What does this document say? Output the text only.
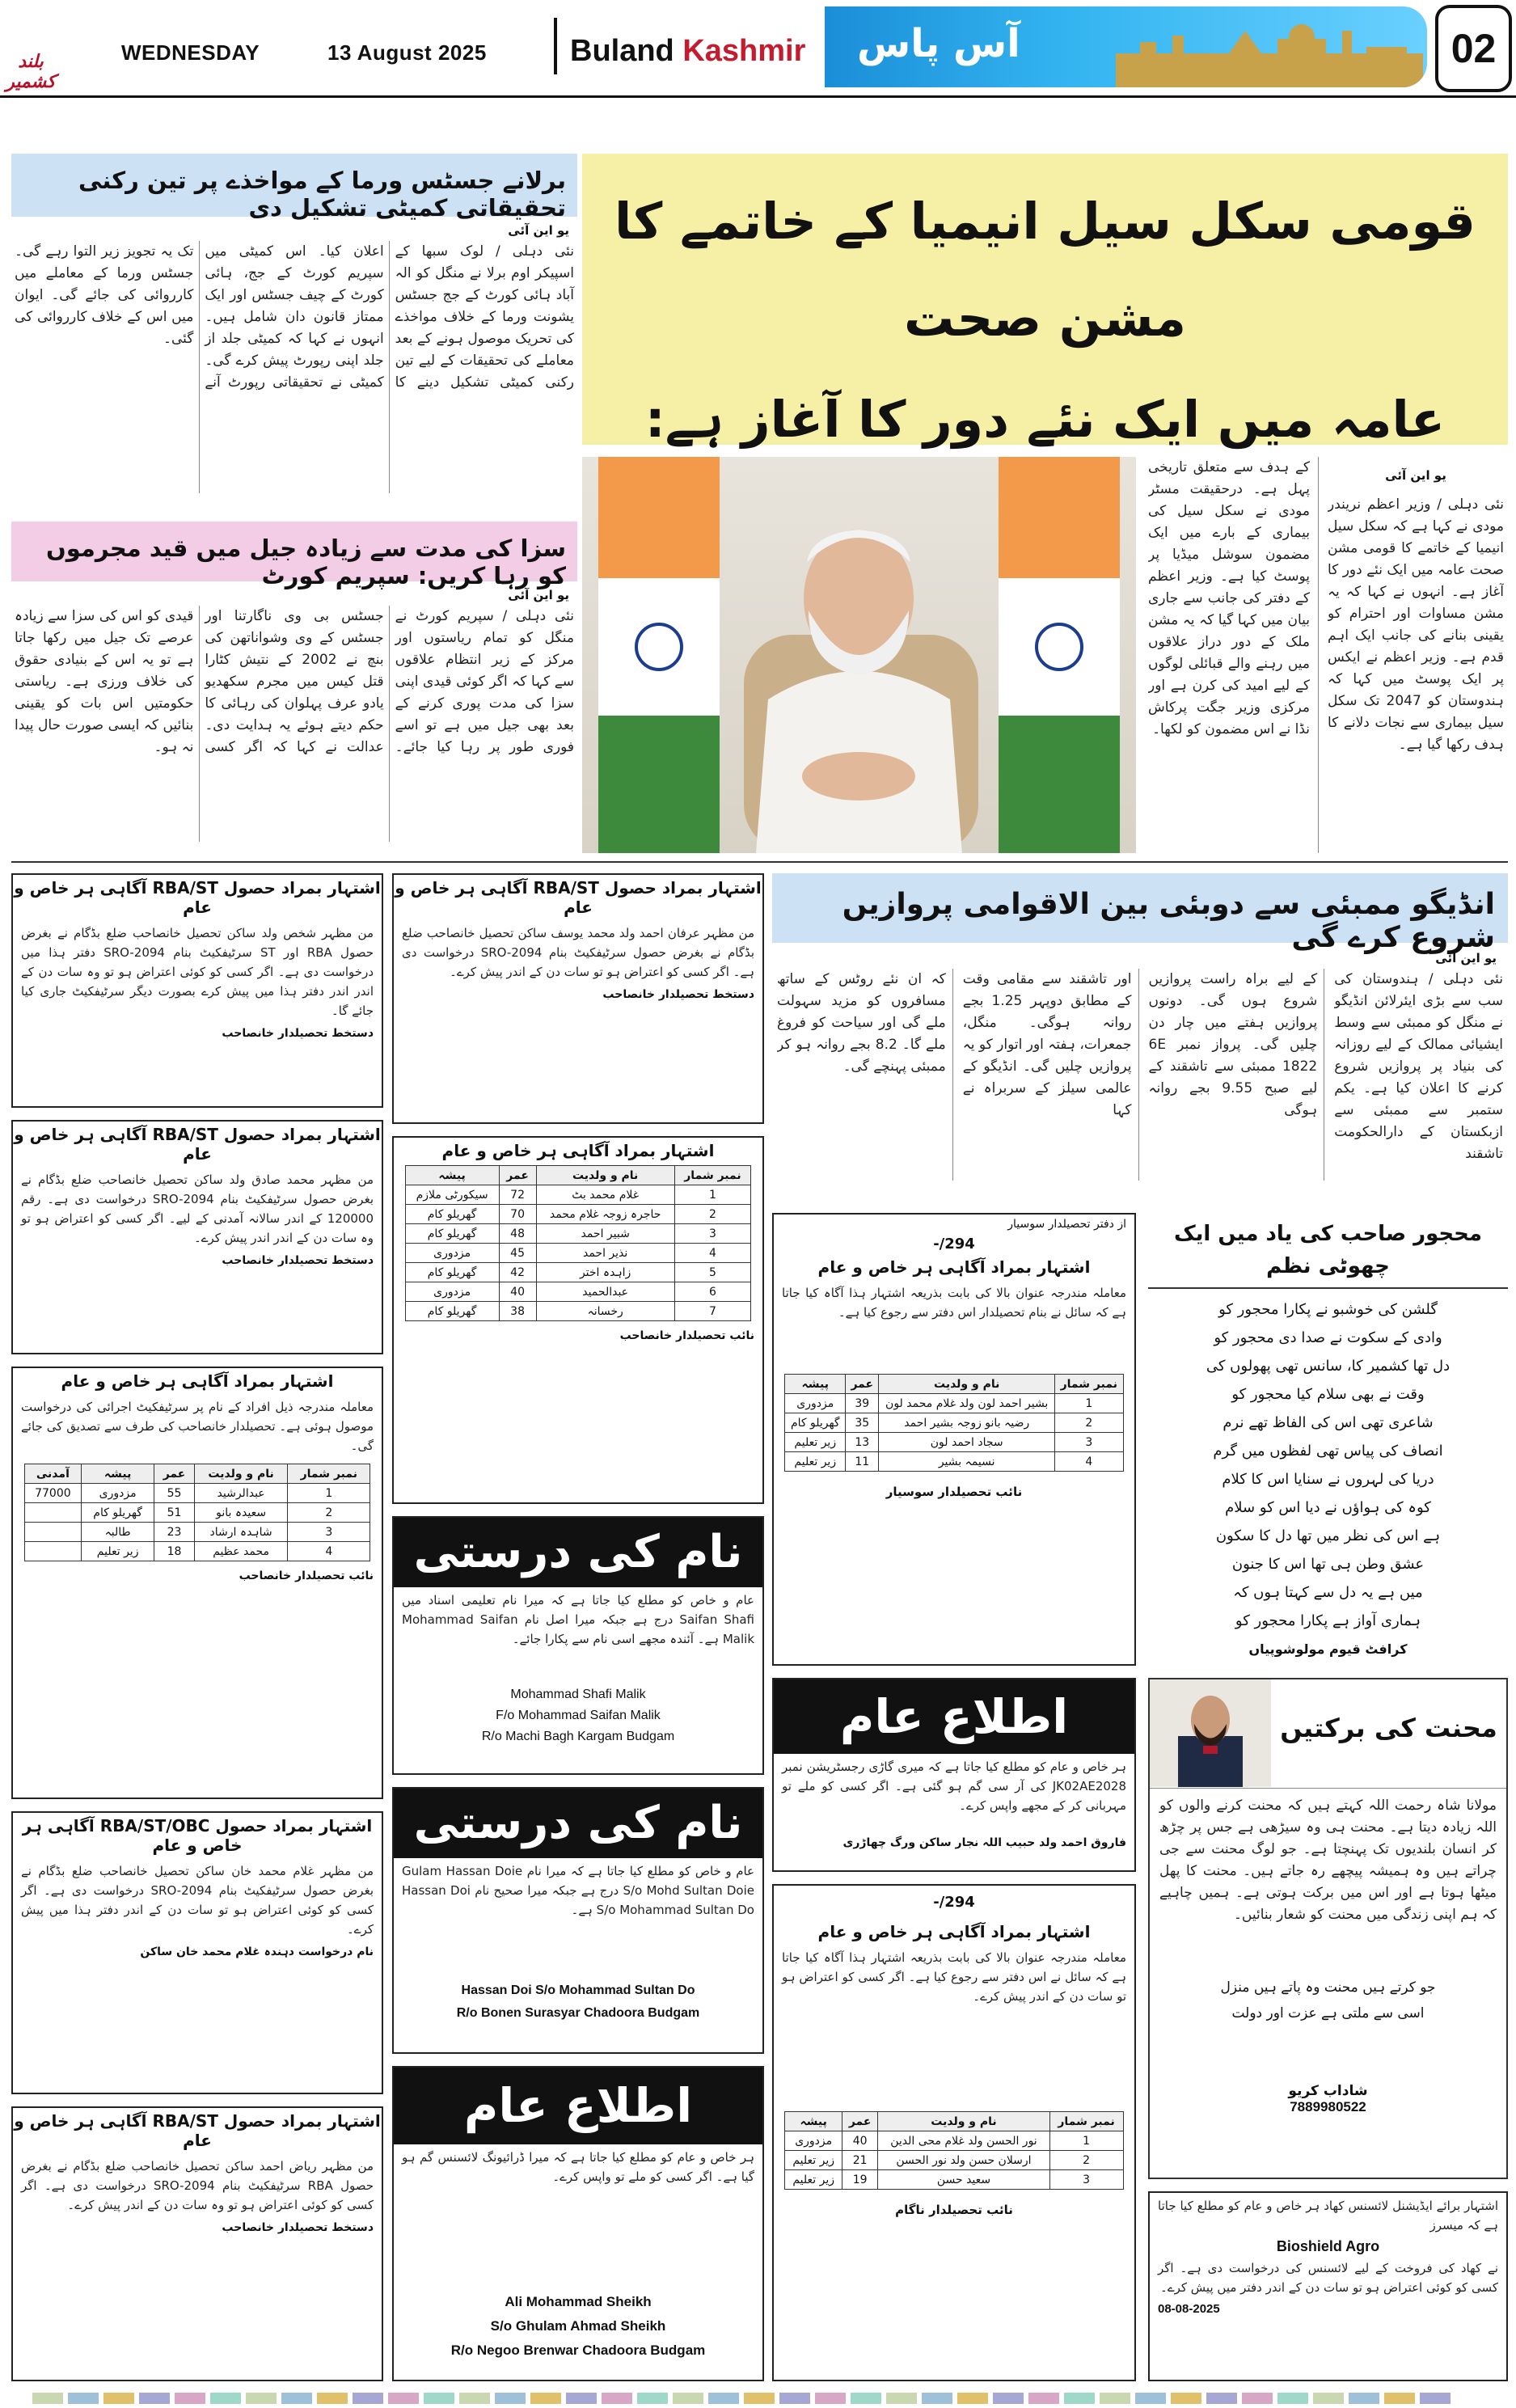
بلند کشمیر
WEDNESDAY	13 August 2025	Buland Kashmir آس پاس	02
برلانے جسٹس ورما کے مواخذے پر تین رکنی تحقیقاتی کمیٹی تشکیل دی
یو این آئی
نئی دہلی / لوک سبھا کے اسپیکر اوم برلا نے منگل کو الہ آباد ہائی کورٹ کے جج جسٹس یشونت ورما کے خلاف مواخذے کی تحریک موصول ہونے کے بعد معاملے کی تحقیقات کے لیے تین رکنی کمیٹی تشکیل دینے کا اعلان کیا۔ اس کمیٹی میں سپریم کورٹ کے جج، ہائی کورٹ کے چیف جسٹس اور ایک ممتاز قانون دان شامل ہیں۔ انہوں نے کہا کہ کمیٹی جلد از جلد اپنی رپورٹ پیش کرے گی۔ کمیٹی نے تحقیقاتی رپورٹ آنے تک یہ تجویز زیر التوا رہے گی۔ جسٹس ورما کے معاملے میں کارروائی کی جائے گی۔ ایوان میں اس کے خلاف کارروائی کی گئی۔
سزا کی مدت سے زیادہ جیل میں قید مجرموں کو رہا کریں: سپریم کورٹ
یو این آئی
نئی دہلی / سپریم کورٹ نے منگل کو تمام ریاستوں اور مرکز کے زیر انتظام علاقوں سے کہا کہ اگر کوئی قیدی اپنی سزا کی مدت پوری کرنے کے بعد بھی جیل میں ہے تو اسے فوری طور پر رہا کیا جائے۔ جسٹس بی وی ناگارتنا اور جسٹس کے وی وشواناتھن کی بنچ نے 2002 کے نتیش کٹارا قتل کیس میں مجرم سکھدیو یادو عرف پہلوان کی رہائی کا حکم دیتے ہوئے یہ ہدایت دی۔ عدالت نے کہا کہ اگر کسی قیدی کو اس کی سزا سے زیادہ عرصے تک جیل میں رکھا جاتا ہے تو یہ اس کے بنیادی حقوق کی خلاف ورزی ہے۔ ریاستی حکومتیں اس بات کو یقینی بنائیں کہ ایسی صورت حال پیدا نہ ہو۔
قومی سکل سیل انیمیا کے خاتمے کا مشن صحت
عامہ میں ایک نئے دور کا آغاز ہے:
کے ہدف سے متعلق تاریخی پہل ہے۔ درحقیقت مسٹر مودی نے سکل سیل کی بیماری کے بارے میں ایک مضمون سوشل میڈیا پر پوسٹ کیا ہے۔ وزیر اعظم کے دفتر کی جانب سے جاری بیان میں کہا گیا کہ یہ مشن ملک کے دور دراز علاقوں میں رہنے والے قبائلی لوگوں کے لیے امید کی کرن ہے اور مرکزی وزیر جگت پرکاش نڈا نے اس مضمون کو لکھا۔
یو این آئی
نئی دہلی / وزیر اعظم نریندر مودی نے کہا ہے کہ سکل سیل انیمیا کے خاتمے کا قومی مشن صحت عامہ میں ایک نئے دور کا آغاز ہے۔ انہوں نے کہا کہ یہ مشن مساوات اور احترام کو یقینی بنانے کی جانب ایک اہم قدم ہے۔ وزیر اعظم نے ایکس پر ایک پوسٹ میں کہا کہ ہندوستان کو 2047 تک سکل سیل بیماری سے نجات دلانے کا ہدف رکھا گیا ہے۔
اشتہار بمراد حصول RBA/ST آگاہی ہر خاص و عام
من مظہر شخص ولد ساکن تحصیل خانصاحب ضلع بڈگام نے بغرض حصول RBA اور ST سرٹیفکیٹ بنام SRO-2094 دفتر ہذا میں درخواست دی ہے۔ اگر کسی کو کوئی اعتراض ہو تو وہ سات دن کے اندر اندر دفتر ہذا میں پیش کرے بصورت دیگر سرٹیفکیٹ جاری کیا جائے گا۔
دستخط تحصیلدار خانصاحب
اشتہار بمراد حصول RBA/ST آگاہی ہر خاص و عام
من مظہر محمد صادق ولد ساکن تحصیل خانصاحب ضلع بڈگام نے بغرض حصول سرٹیفکیٹ بنام SRO-2094 درخواست دی ہے۔ رقم 120000 کے اندر سالانہ آمدنی کے لیے۔ اگر کسی کو اعتراض ہو تو وہ سات دن کے اندر اندر پیش کرے۔
دستخط تحصیلدار خانصاحب
اشتہار بمراد آگاہی ہر خاص و عام
معاملہ مندرجہ ذیل افراد کے نام پر سرٹیفکیٹ اجرائی کی درخواست موصول ہوئی ہے۔ تحصیلدار خانصاحب کی طرف سے تصدیق کی جائے گی۔
نمبر شمار	نام و ولدیت	عمر	پیشہ	آمدنی
1	عبدالرشید	55	مزدوری	77000
2	سعیدہ بانو	51	گھریلو کام	
3	شاہدہ ارشاد	23	طالبہ	
4	محمد عظیم	18	زیر تعلیم	
نائب تحصیلدار خانصاحب
اشتہار بمراد حصول RBA/ST/OBC آگاہی ہر خاص و عام
من مظہر غلام محمد خان ساکن تحصیل خانصاحب ضلع بڈگام نے بغرض حصول سرٹیفکیٹ بنام SRO-2094 درخواست دی ہے۔ اگر کسی کو کوئی اعتراض ہو تو سات دن کے اندر دفتر ہذا میں پیش کرے۔
نام درخواست دہندہ غلام محمد خان ساکن
اشتہار بمراد حصول RBA/ST آگاہی ہر خاص و عام
من مظہر ریاض احمد ساکن تحصیل خانصاحب ضلع بڈگام نے بغرض حصول RBA سرٹیفکیٹ بنام SRO-2094 درخواست دی ہے۔ اگر کسی کو کوئی اعتراض ہو تو وہ سات دن کے اندر پیش کرے۔
دستخط تحصیلدار خانصاحب
اشتہار بمراد حصول RBA/ST آگاہی ہر خاص و عام
من مظہر عرفان احمد ولد محمد یوسف ساکن تحصیل خانصاحب ضلع بڈگام نے بغرض حصول سرٹیفکیٹ بنام SRO-2094 درخواست دی ہے۔ اگر کسی کو اعتراض ہو تو سات دن کے اندر پیش کرے۔
دستخط تحصیلدار خانصاحب
اشتہار بمراد آگاہی ہر خاص و عام
نمبر شمار	نام و ولدیت	عمر	پیشہ
1	غلام محمد بٹ	72	سیکورٹی ملازم
2	حاجرہ زوجہ غلام محمد	70	گھریلو کام
3	شبیر احمد	48	گھریلو کام
4	نذیر احمد	45	مزدوری
5	زاہدہ اختر	42	گھریلو کام
6	عبدالحمید	40	مزدوری
7	رخسانہ	38	گھریلو کام
نائب تحصیلدار خانصاحب
نام کی درستی
عام و خاص کو مطلع کیا جاتا ہے کہ میرا نام تعلیمی اسناد میں Saifan Shafi درج ہے جبکہ میرا اصل نام Mohammad Saifan Malik ہے۔ آئندہ مجھے اسی نام سے پکارا جائے۔
Mohammad Shafi Malik
F/o Mohammad Saifan Malik
R/o Machi Bagh Kargam Budgam
نام کی درستی
عام و خاص کو مطلع کیا جاتا ہے کہ میرا نام Gulam Hassan Doie S/o Mohd Sultan Doie درج ہے جبکہ میرا صحیح نام Hassan Doi S/o Mohammad Sultan Do ہے۔
Hassan Doi S/o Mohammad Sultan Do
R/o Bonen Surasyar Chadoora Budgam
اطلاع عام
ہر خاص و عام کو مطلع کیا جاتا ہے کہ میرا ڈرائیونگ لائسنس گم ہو گیا ہے۔ اگر کسی کو ملے تو واپس کرے۔
Ali Mohammad Sheikh
S/o Ghulam Ahmad Sheikh
R/o Negoo Brenwar Chadoora Budgam
انڈیگو ممبئی سے دوبئی بین الاقوامی پروازیں شروع کرے گی
یو این آئی
نئی دہلی / ہندوستان کی سب سے بڑی ایئرلائن انڈیگو نے منگل کو ممبئی سے وسط ایشیائی ممالک کے لیے روزانہ کی بنیاد پر پروازیں شروع کرنے کا اعلان کیا ہے۔ یکم ستمبر سے ممبئی سے ازبکستان کے دارالحکومت تاشقند
کے لیے براہ راست پروازیں شروع ہوں گی۔ دونوں پروازیں ہفتے میں چار دن چلیں گی۔ پرواز نمبر 6E 1822 ممبئی سے تاشقند کے لیے صبح 9.55 بجے روانہ ہوگی
اور تاشقند سے مقامی وقت کے مطابق دوپہر 1.25 بجے روانہ ہوگی۔ منگل، جمعرات، ہفتہ اور اتوار کو یہ پروازیں چلیں گی۔ انڈیگو کے عالمی سیلز کے سربراہ نے کہا
کہ ان نئے روٹس کے ساتھ مسافروں کو مزید سہولت ملے گی اور سیاحت کو فروغ ملے گا۔ 8.2 بجے روانہ ہو کر ممبئی پہنچے گی۔
از دفتر تحصیلدار سوسیار
294/-
اشتہار بمراد آگاہی ہر خاص و عام
معاملہ مندرجہ عنوان بالا کی بابت بذریعہ اشتہار ہذا آگاہ کیا جاتا ہے کہ سائل نے بنام تحصیلدار اس دفتر سے رجوع کیا ہے۔
نمبر شمار	نام و ولدیت	عمر	پیشہ
1	بشیر احمد لون ولد غلام محمد لون	39	مزدوری
2	رضیہ بانو زوجہ بشیر احمد	35	گھریلو کام
3	سجاد احمد لون	13	زیر تعلیم
4	نسیمہ بشیر	11	زیر تعلیم
نائب تحصیلدار سوسیار
محجور صاحب کی یاد میں ایک چھوٹی نظم
گلشن کی خوشبو نے پکارا محجور کو
وادی کے سکوت نے صدا دی محجور کو
دل تھا کشمیر کا، سانس تھی پھولوں کی
وقت نے بھی سلام کیا محجور کو
شاعری تھی اس کی الفاظ تھے نرم
انصاف کی پیاس تھی لفظوں میں گرم
دریا کی لہروں نے سنایا اس کا کلام
کوہ کی ہواؤں نے دیا اس کو سلام
ہے اس کی نظر میں تھا دل کا سکون
عشق وطن ہی تھا اس کا جنون
میں ہے یہ دل سے کہتا ہوں کہ
ہماری آواز ہے پکارا محجور کو
کرافٹ قیوم مولوشوپیاں
اطلاع عام
ہر خاص و عام کو مطلع کیا جاتا ہے کہ میری گاڑی رجسٹریشن نمبر JK02AE2028 کی آر سی گم ہو گئی ہے۔ اگر کسی کو ملے تو مہربانی کر کے مجھے واپس کرے۔
فاروق احمد ولد حبیب اللہ نجار ساکن ورگ چھاڑری
294/-
اشتہار بمراد آگاہی ہر خاص و عام
معاملہ مندرجہ عنوان بالا کی بابت بذریعہ اشتہار ہذا آگاہ کیا جاتا ہے کہ سائل نے اس دفتر سے رجوع کیا ہے۔ اگر کسی کو اعتراض ہو تو سات دن کے اندر پیش کرے۔
نمبر شمار	نام و ولدیت	عمر	پیشہ
1	نور الحسن ولد غلام محی الدین	40	مزدوری
2	ارسلان حسن ولد نور الحسن	21	زیر تعلیم
3	سعید حسن	19	زیر تعلیم
نائب تحصیلدار ناگام
محنت کی برکتیں
مولانا شاہ رحمت اللہ کہتے ہیں کہ محنت کرنے والوں کو اللہ زیادہ دیتا ہے۔ محنت ہی وہ سیڑھی ہے جس پر چڑھ کر انسان بلندیوں تک پہنچتا ہے۔ جو لوگ محنت سے جی چراتے ہیں وہ ہمیشہ پیچھے رہ جاتے ہیں۔ محنت کا پھل میٹھا ہوتا ہے اور اس میں برکت ہوتی ہے۔ ہمیں چاہیے کہ ہم اپنی زندگی میں محنت کو شعار بنائیں۔
جو کرتے ہیں محنت وہ پاتے ہیں منزل
اسی سے ملتی ہے عزت اور دولت
شاداب کریو
7889980522
اشتہار برائے ایڈیشنل لائسنس کھاد ہر خاص و عام کو مطلع کیا جاتا ہے کہ میسرز
Bioshield Agro
نے کھاد کی فروخت کے لیے لائسنس کی درخواست دی ہے۔ اگر کسی کو کوئی اعتراض ہو تو سات دن کے اندر دفتر میں پیش کرے۔
08-08-2025
